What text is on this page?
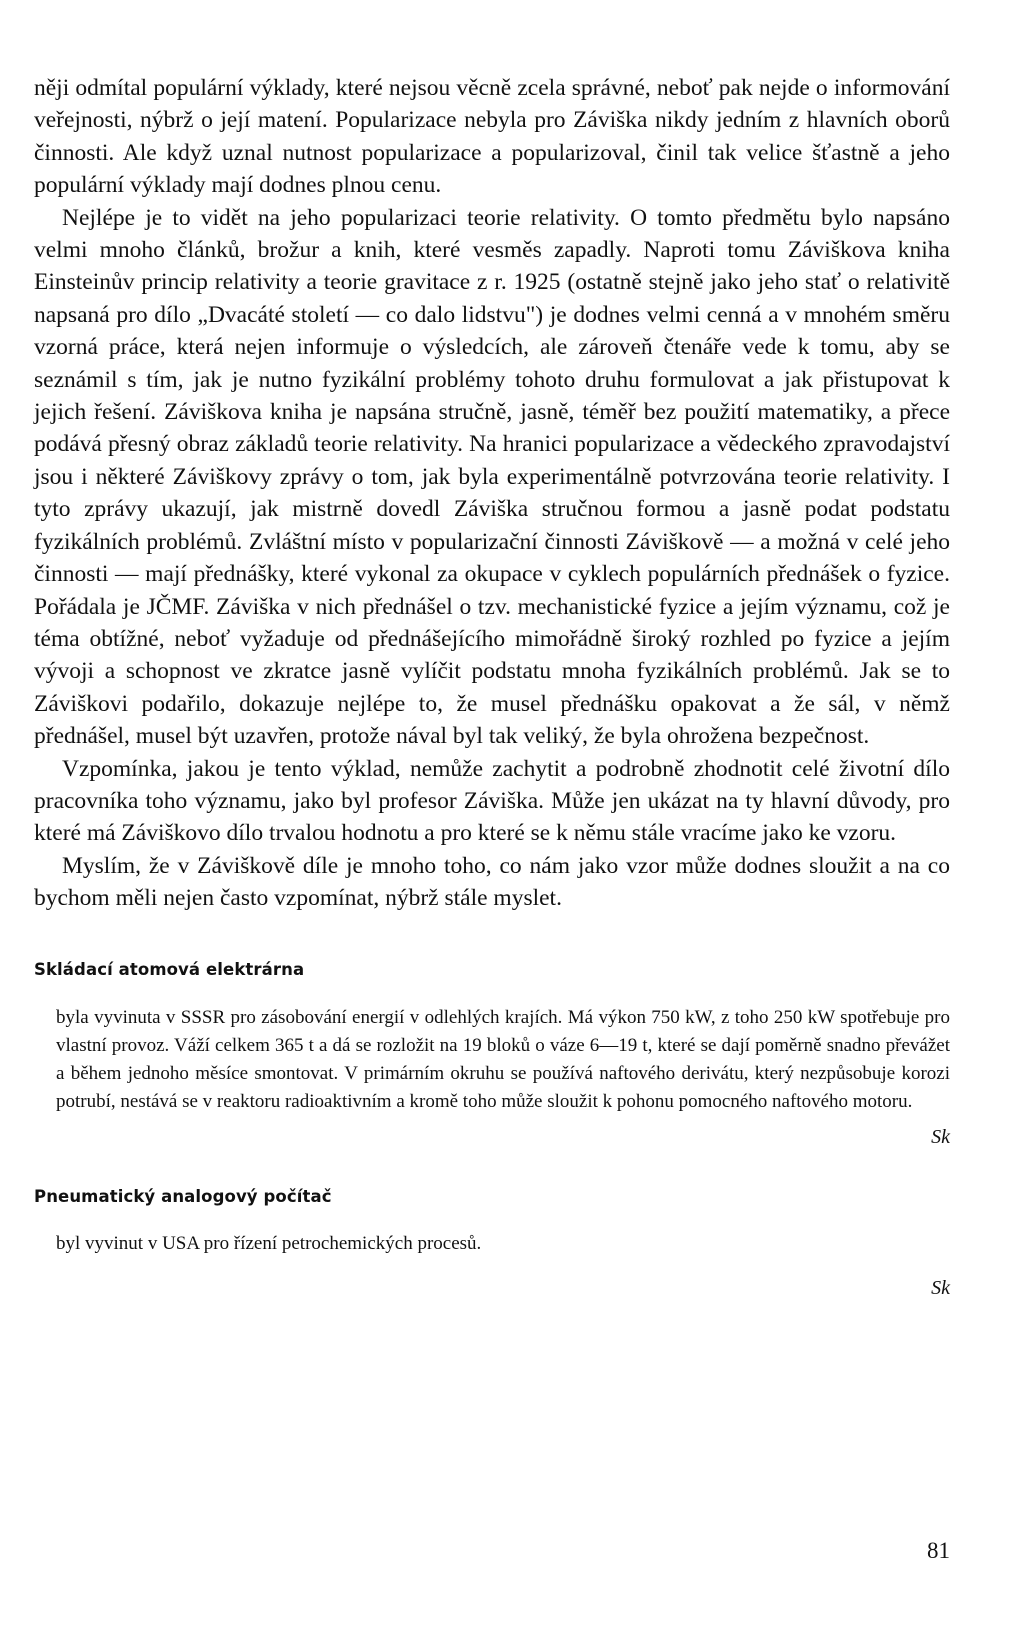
něji odmítal populární výklady, které nejsou věcně zcela správné, neboť pak nejde o informování veřejnosti, nýbrž o její matení. Popularizace nebyla pro Záviška nikdy jedním z hlavních oborů činnosti. Ale když uznal nutnost popularizace a popularizoval, činil tak velice šťastně a jeho populární výklady mají dodnes plnou cenu.

Nejlépe je to vidět na jeho popularizaci teorie relativity. O tomto předmětu bylo napsáno velmi mnoho článků, brožur a knih, které vesměs zapadly. Naproti tomu Záviškova kniha Einsteinův princip relativity a teorie gravitace z r. 1925 (ostatně stejně jako jeho stať o relativitě napsaná pro dílo „Dvacáté století — co dalo lidstvu") je dodnes velmi cenná a v mnohém směru vzorná práce, která nejen informuje o výsledcích, ale zároveň čtenáře vede k tomu, aby se seznámil s tím, jak je nutno fyzikální problémy tohoto druhu formulovat a jak přistupovat k jejich řešení. Záviškova kniha je napsána stručně, jasně, téměř bez použití matematiky, a přece podává přesný obraz základů teorie relativity. Na hranici popularizace a vědeckého zpravodajství jsou i některé Záviškovy zprávy o tom, jak byla experimentálně potvrzována teorie relativity. I tyto zprávy ukazují, jak mistrně dovedl Záviška stručnou formou a jasně podat podstatu fyzikálních problémů. Zvláštní místo v popularizační činnosti Záviškově — a možná v celé jeho činnosti — mají přednášky, které vykonal za okupace v cyklech populárních přednášek o fyzice. Pořádala je JČMF. Záviška v nich přednášel o tzv. mechanistické fyzice a jejím významu, což je téma obtížné, neboť vyžaduje od přednášejícího mimořádně široký rozhled po fyzice a jejím vývoji a schopnost ve zkratce jasně vylíčit podstatu mnoha fyzikálních problémů. Jak se to Záviškovi podařilo, dokazuje nejlépe to, že musel přednášku opakovat a že sál, v němž přednášel, musel být uzavřen, protože nával byl tak veliký, že byla ohrožena bezpečnost.

Vzpomínka, jakou je tento výklad, nemůže zachytit a podrobně zhodnotit celé životní dílo pracovníka toho významu, jako byl profesor Záviška. Může jen ukázat na ty hlavní důvody, pro které má Záviškovo dílo trvalou hodnotu a pro které se k němu stále vracíme jako ke vzoru.

Myslím, že v Záviškově díle je mnoho toho, co nám jako vzor může dodnes sloužit a na co bychom měli nejen často vzpomínat, nýbrž stále myslet.

Skládací atomová elektrárna
byla vyvinuta v SSSR pro zásobování energií v odlehlých krajích. Má výkon 750 kW, z toho 250 kW spotřebuje pro vlastní provoz. Váží celkem 365 t a dá se rozložit na 19 bloků o váze 6—19 t, které se dají poměrně snadno převážet a během jednoho měsíce smontovat. V primárním okruhu se používá naftového derivátu, který nezpůsobuje korozi potrubí, nestává se v reaktoru radioaktivním a kromě toho může sloužit k pohonu pomocného naftového motoru.
Sk
Pneumatický analogový počítač
byl vyvinut v USA pro řízení petrochemických procesů.
Sk
81
